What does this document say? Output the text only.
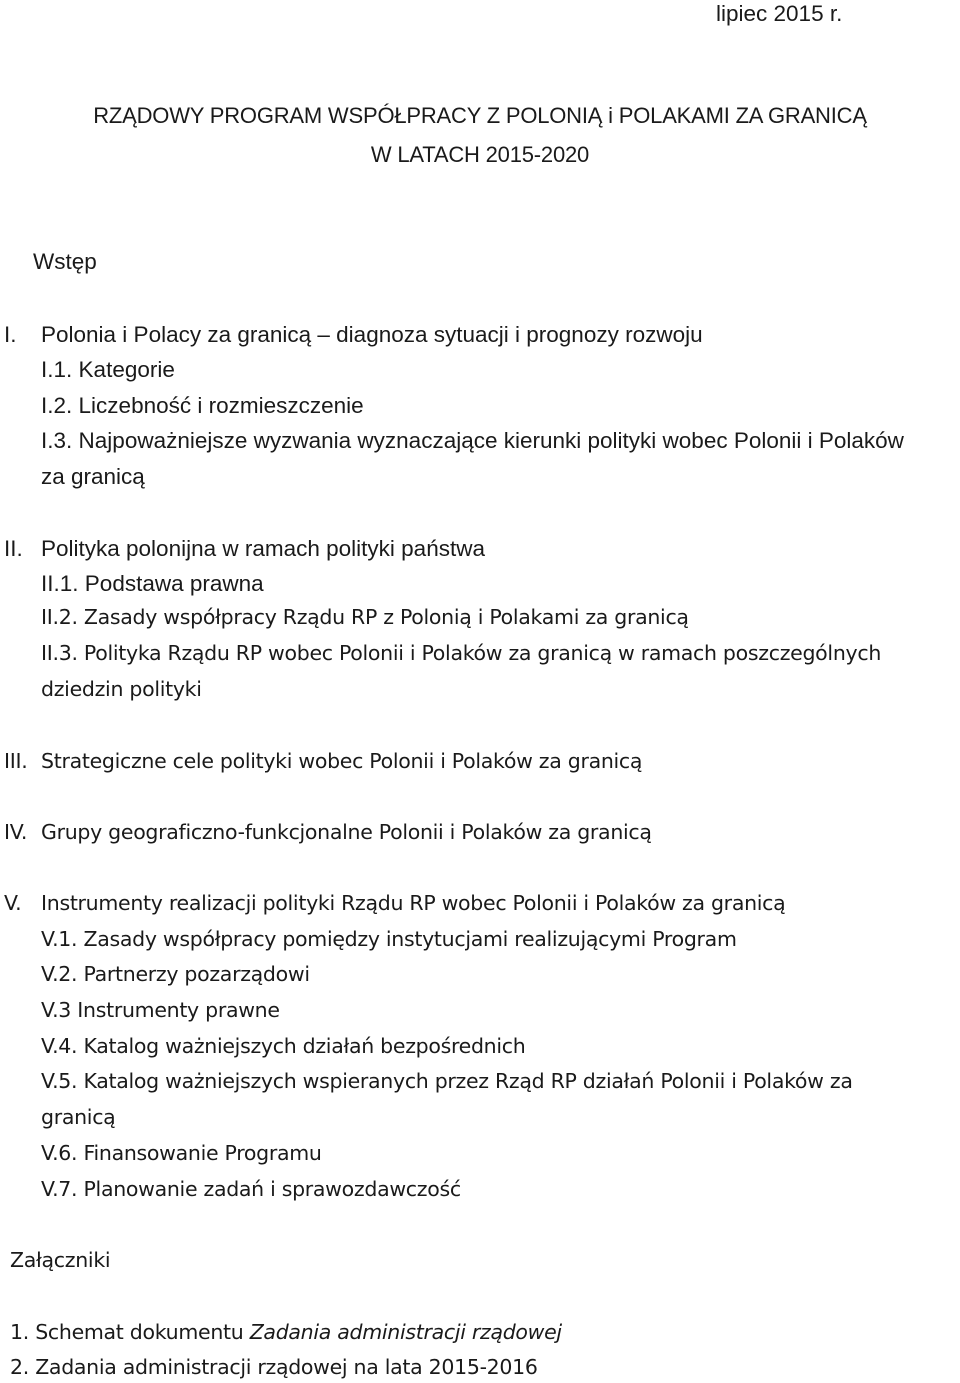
lipiec 2015 r.
RZĄDOWY PROGRAM WSPÓŁPRACY Z POLONIĄ i POLAKAMI ZA GRANICĄ
W LATACH 2015-2020
Wstęp
I. Polonia i Polacy za granicą – diagnoza sytuacji i prognozy rozwoju
I.1. Kategorie
I.2. Liczebność i rozmieszczenie
I.3. Najpoważniejsze wyzwania wyznaczające kierunki polityki wobec Polonii i Polaków
za granicą
II. Polityka polonijna w ramach polityki państwa
II.1. Podstawa prawna
II.2. Zasady współpracy Rządu RP z Polonią i Polakami za granicą
II.3. Polityka Rządu RP wobec Polonii i Polaków za granicą w ramach poszczególnych
dziedzin polityki
III. Strategiczne cele polityki wobec Polonii i Polaków za granicą
IV. Grupy geograficzno-funkcjonalne Polonii i Polaków za granicą
V. Instrumenty realizacji polityki Rządu RP wobec Polonii i Polaków za granicą
V.1. Zasady współpracy pomiędzy instytucjami realizującymi Program
V.2. Partnerzy pozarządowi
V.3 Instrumenty prawne
V.4. Katalog ważniejszych działań bezpośrednich
V.5. Katalog ważniejszych wspieranych przez Rząd RP działań Polonii i Polaków za
granicą
V.6. Finansowanie Programu
V.7. Planowanie zadań i sprawozdawczość
Załączniki
1. Schemat dokumentu Zadania administracji rządowej
2. Zadania administracji rządowej na lata 2015-2016
